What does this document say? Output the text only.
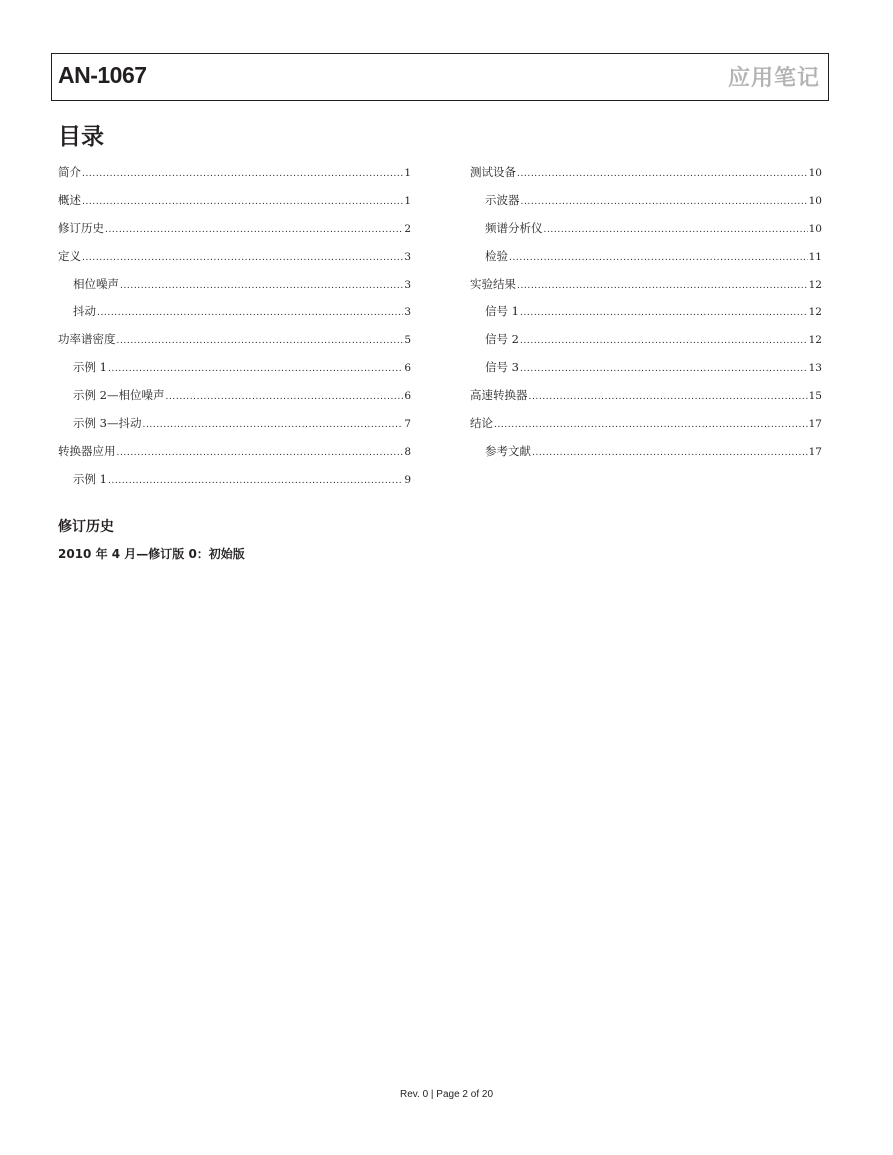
AN-1067	应用笔记
目录
简介 .....	1
概述 .....	1
修订历史 .....	2
定义 .....	3
相位噪声 .....	3
抖动 .....	3
功率谱密度 .....	5
示例 1 .....	6
示例 2—相位噪声 .....	6
示例 3—抖动 .....	7
转换器应用 .....	8
示例 1 .....	9
测试设备 .....	10
示波器 .....	10
频谱分析仪 .....	10
检验 .....	11
实验结果 .....	12
信号 1 .....	12
信号 2 .....	12
信号 3 .....	13
高速转换器 .....	15
结论 .....	17
参考文献 .....	17
修订历史
2010 年 4 月—修订版 0：初始版
Rev. 0 | Page 2 of 20
